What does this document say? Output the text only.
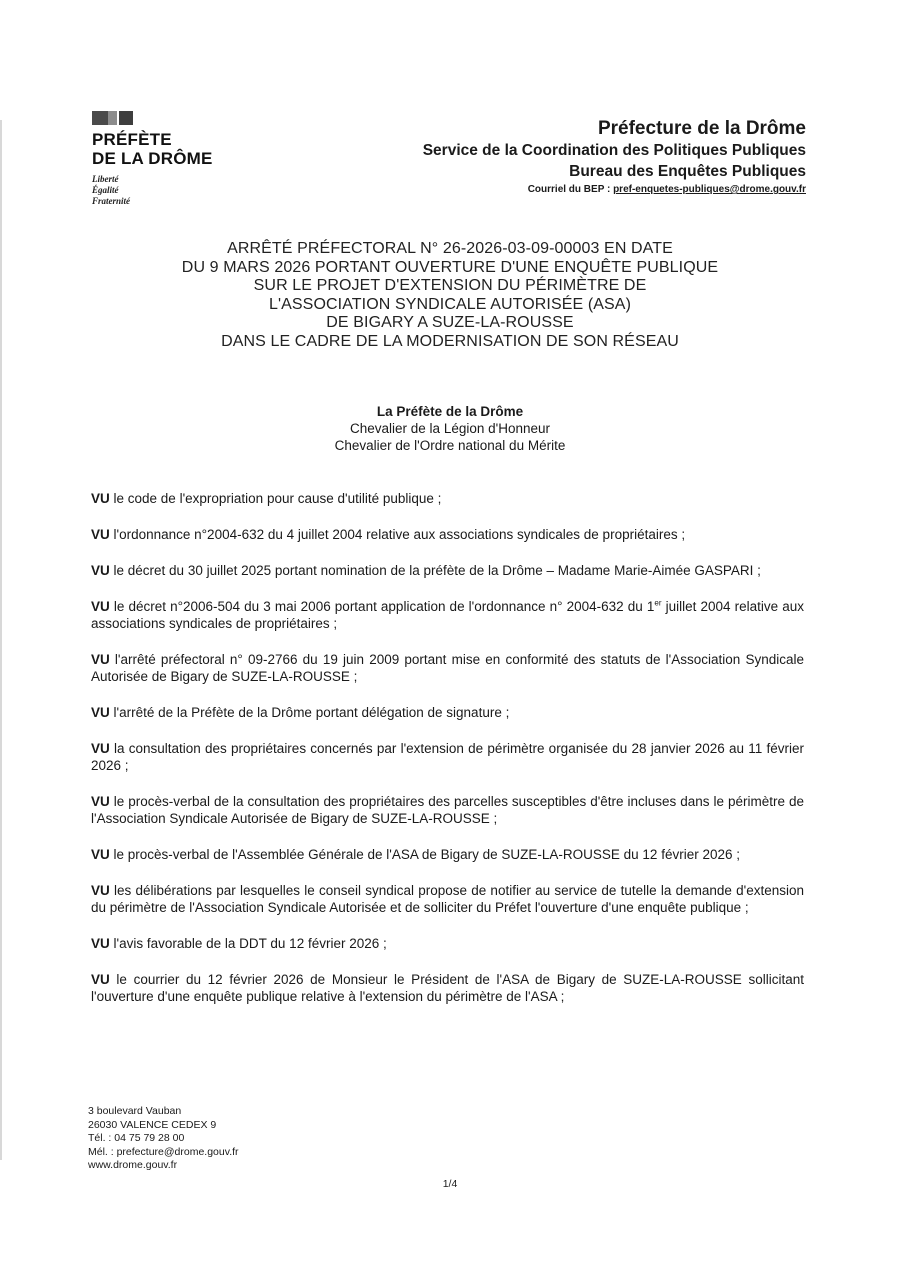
PRÉFÈTE
DE LA DRÔME
Liberté
Égalité
Fraternité
Préfecture de la Drôme
Service de la Coordination des Politiques Publiques
Bureau des Enquêtes Publiques
Courriel du BEP : pref-enquetes-publiques@drome.gouv.fr
ARRÊTÉ PRÉFECTORAL N° 26-2026-03-09-00003 EN DATE
DU 9 MARS 2026 PORTANT OUVERTURE D'UNE ENQUÊTE PUBLIQUE
SUR LE PROJET D'EXTENSION DU PÉRIMÈTRE DE
L'ASSOCIATION SYNDICALE AUTORISÉE (ASA)
DE BIGARY A SUZE-LA-ROUSSE
DANS LE CADRE DE LA MODERNISATION DE SON RÉSEAU
La Préfète de la Drôme
Chevalier de la Légion d'Honneur
Chevalier de l'Ordre national du Mérite

VU le code de l'expropriation pour cause d'utilité publique ;

VU l'ordonnance n°2004-632 du 4 juillet 2004 relative aux associations syndicales de propriétaires ;

VU le décret du 30 juillet 2025 portant nomination de la préfète de la Drôme – Madame Marie-Aimée GASPARI ;

VU le décret n°2006-504 du 3 mai 2006 portant application de l'ordonnance n° 2004-632 du 1er juillet 2004 relative aux associations syndicales de propriétaires ;

VU l'arrêté préfectoral n° 09-2766 du 19 juin 2009 portant mise en conformité des statuts de l'Association Syndicale Autorisée de Bigary de SUZE-LA-ROUSSE ;

VU l'arrêté de la Préfète de la Drôme portant délégation de signature ;

VU la consultation des propriétaires concernés par l'extension de périmètre organisée du 28 janvier 2026 au 11 février 2026 ;

VU le procès-verbal de la consultation des propriétaires des parcelles susceptibles d'être incluses dans le périmètre de l'Association Syndicale Autorisée de Bigary de SUZE-LA-ROUSSE ;

VU le procès-verbal de l'Assemblée Générale de l'ASA de Bigary de SUZE-LA-ROUSSE du 12 février 2026 ;

VU les délibérations par lesquelles le conseil syndical propose de notifier au service de tutelle la demande d'extension du périmètre de l'Association Syndicale Autorisée et de solliciter du Préfet l'ouverture d'une enquête publique ;

VU l'avis favorable de la DDT du 12 février 2026 ;

VU le courrier du 12 février 2026 de Monsieur le Président de l'ASA de Bigary de SUZE-LA-ROUSSE sollicitant l'ouverture d'une enquête publique relative à l'extension du périmètre de l'ASA ;

3 boulevard Vauban
26030 VALENCE CEDEX 9
Tél. : 04 75 79 28 00
Mél. : prefecture@drome.gouv.fr
www.drome.gouv.fr
1/4
